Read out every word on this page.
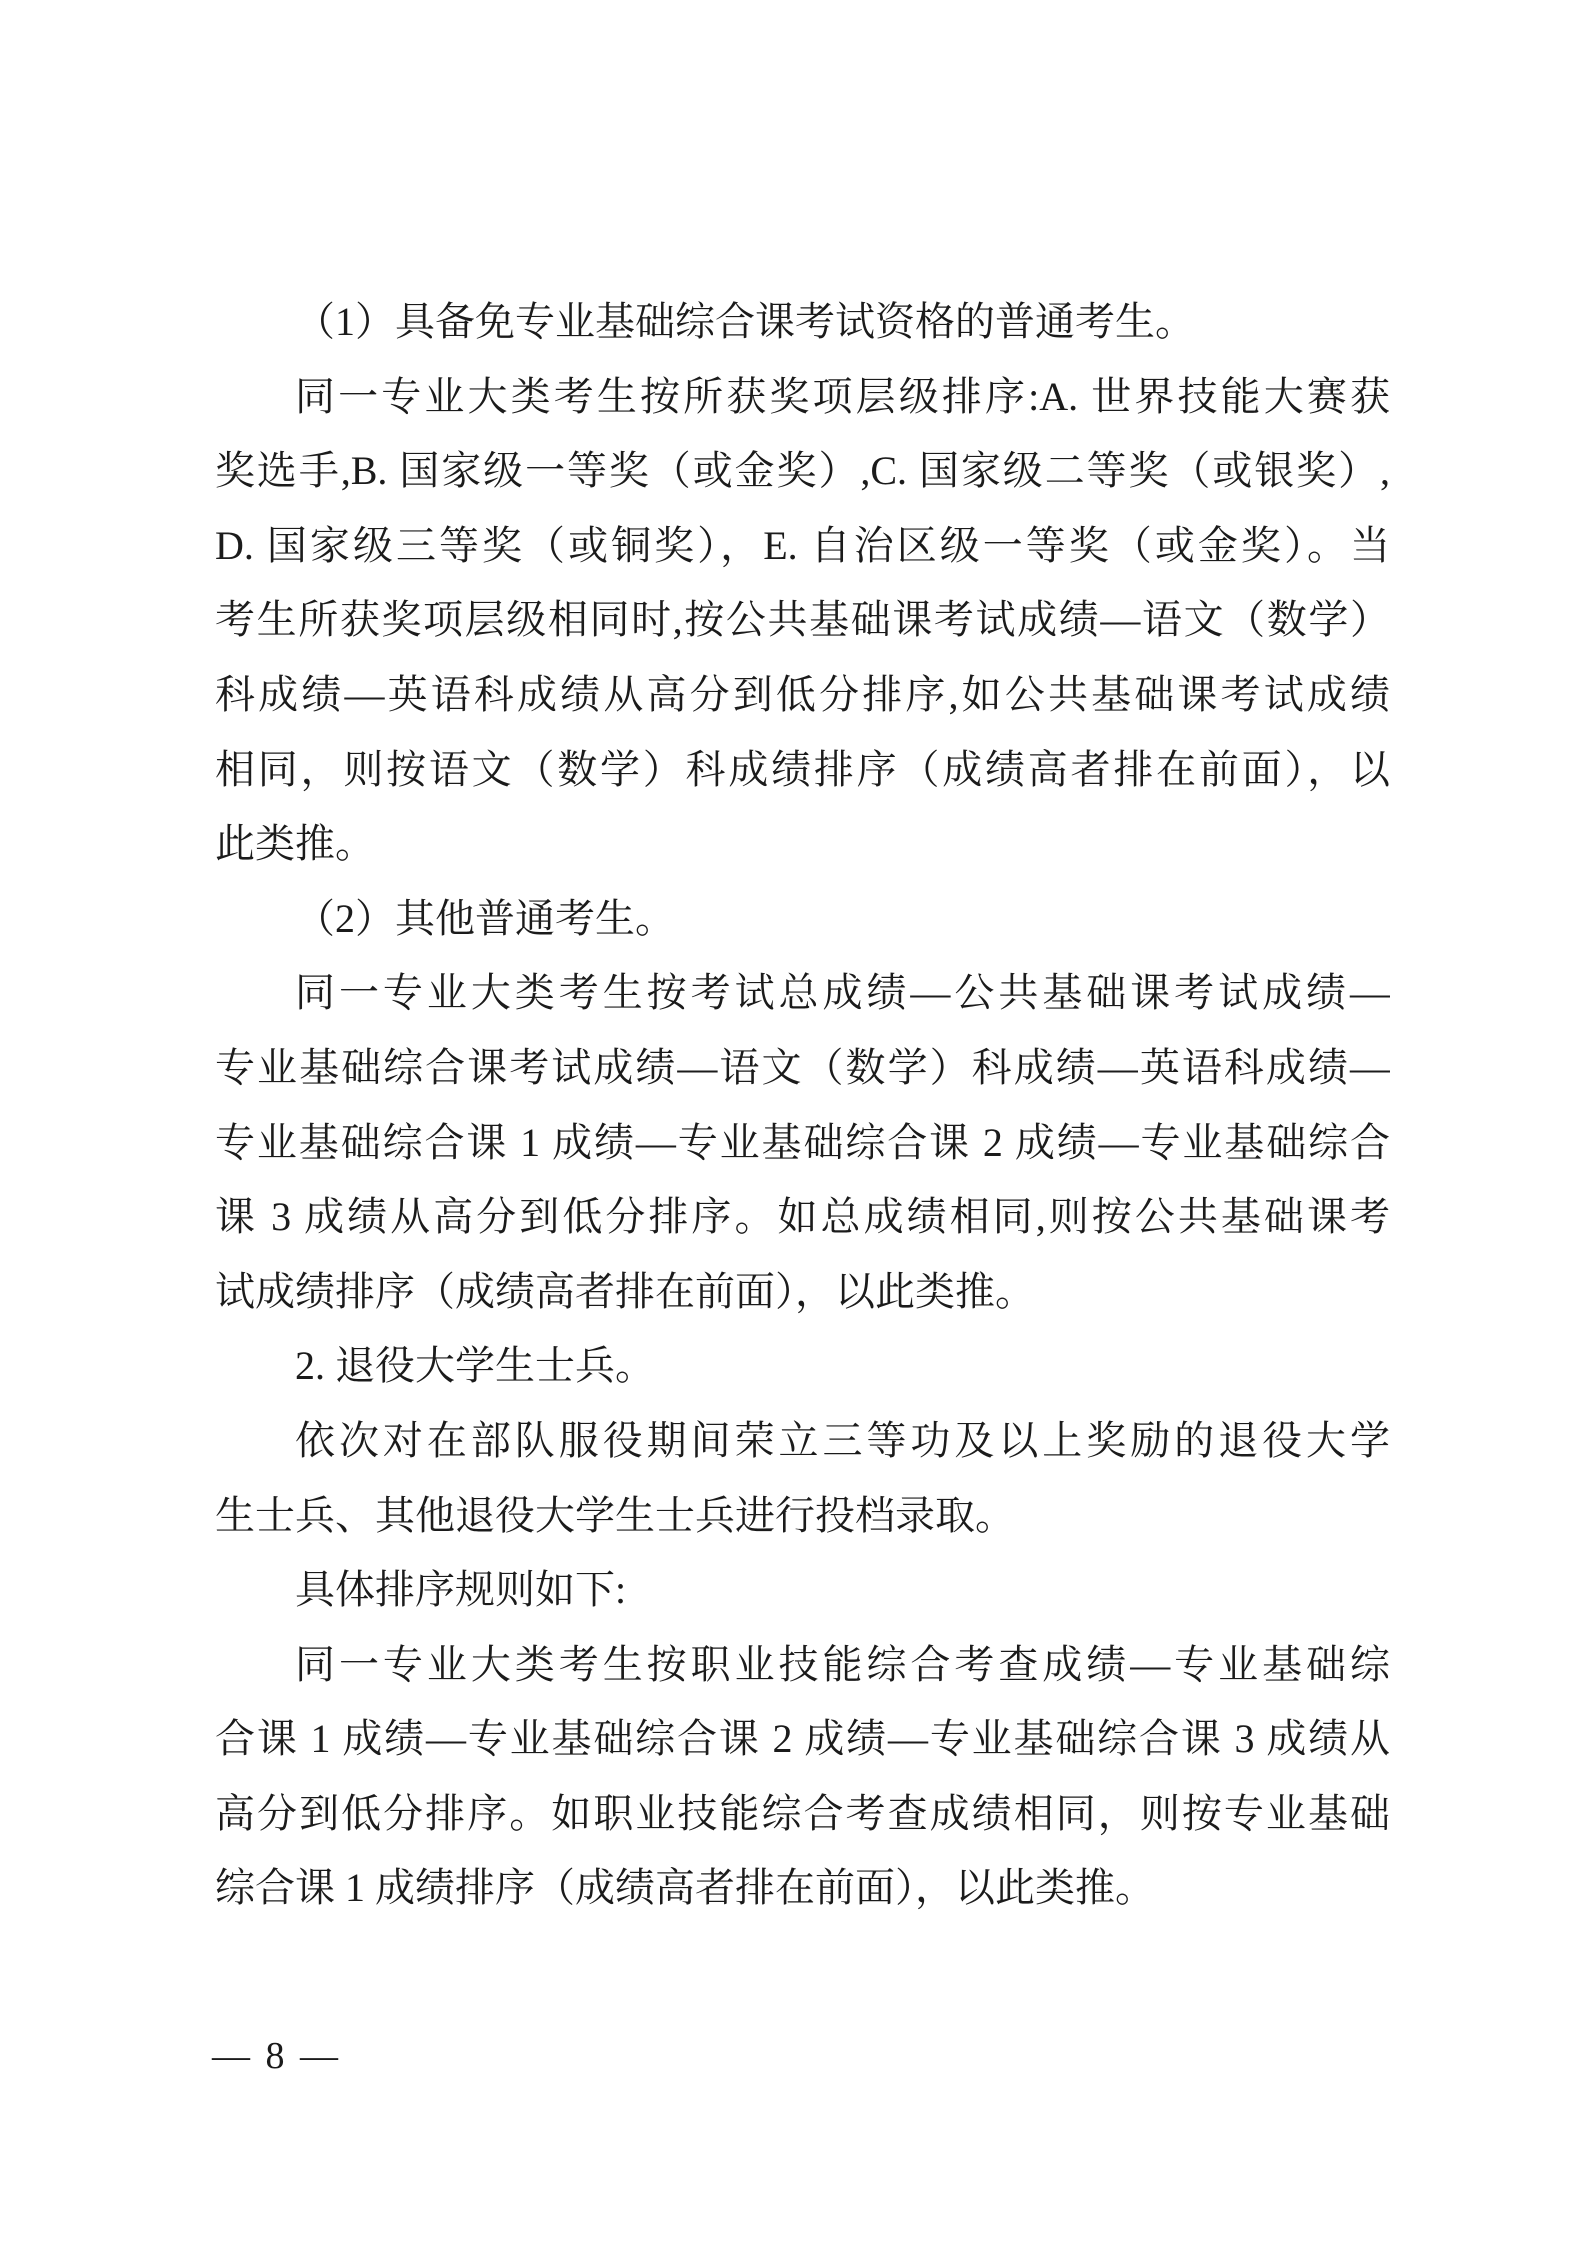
（1）具备免专业基础综合课考试资格的普通考生。
同一专业大类考生按所获奖项层级排序:A. 世界技能大赛获
奖选手,B. 国家级一等奖（或金奖）,C. 国家级二等奖（或银奖）,
D. 国家级三等奖（或铜奖），E. 自治区级一等奖（或金奖）。当
考生所获奖项层级相同时,按公共基础课考试成绩—语文（数学）
科成绩—英语科成绩从高分到低分排序,如公共基础课考试成绩
相同，则按语文（数学）科成绩排序（成绩高者排在前面），以
此类推。
（2）其他普通考生。
同一专业大类考生按考试总成绩—公共基础课考试成绩—
专业基础综合课考试成绩—语文（数学）科成绩—英语科成绩—
专业基础综合课 1 成绩—专业基础综合课 2 成绩—专业基础综合
课 3 成绩从高分到低分排序。如总成绩相同,则按公共基础课考
试成绩排序（成绩高者排在前面），以此类推。
2. 退役大学生士兵。
依次对在部队服役期间荣立三等功及以上奖励的退役大学
生士兵、其他退役大学生士兵进行投档录取。
具体排序规则如下:
同一专业大类考生按职业技能综合考查成绩—专业基础综
合课 1 成绩—专业基础综合课 2 成绩—专业基础综合课 3 成绩从
高分到低分排序。如职业技能综合考查成绩相同，则按专业基础
综合课 1 成绩排序（成绩高者排在前面），以此类推。
— 8 —
